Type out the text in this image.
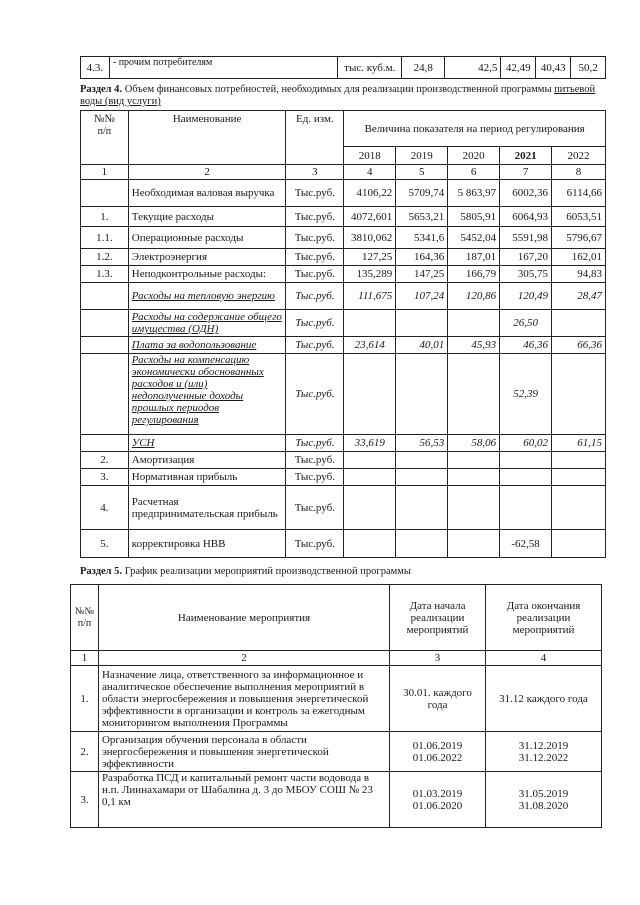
4.3.	- прочим потребителям	тыс. куб.м.	24,8	42,5	42,49	40,43	50,2
Раздел 4. Объем финансовых потребностей, необходимых для реализации производственной программы питьевой
воды (вид услуги)
№№
п/п	Наименование	Ед. изм.	Величина показателя на период регулирования				
			2018	2019	2020	2021	2022
1	2	3	4	5	6	7	8
	Необходимая валовая выручка	Тыс.руб.	4106,22	5709,74	5 863,97	6002,36	6114,66
1.	Текущие расходы	Тыс.руб.	4072,601	5653,21	5805,91	6064,93	6053,51
1.1.	Операционные расходы	Тыс.руб.	3810,062	5341,6	5452,04	5591,98	5796,67
1.2.	Электроэнергия	Тыс.руб.	127,25	164,36	187,01	167,20	162,01
1.3.	Неподконтрольные расходы:	Тыс.руб.	135,289	147,25	166,79	305,75	94,83
	Расходы на тепловую энергию	Тыс.руб.	111,675	107,24	120,86	120,49	28,47
	Расходы на содержание общего имущества (ОДН)	Тыс.руб.				26,50	
	Плата за водопользование	Тыс.руб.	23,614	40,01	45,93	46,36	66,36
	Расходы на компенсацию экономически обоснованных расходов и (или) недополученные доходы прошлых периодов регулирования	Тыс.руб.				52,39	
	УСН	Тыс.руб.	33,619	56,53	58,06	60,02	61,15
2.	Амортизация	Тыс.руб.					
3.	Нормативная прибыль	Тыс.руб.					
4.	Расчетная предпринимательская прибыль	Тыс.руб.					
5.	корректировка НВВ	Тыс.руб.				-62,58	
Раздел 5. График реализации мероприятий производственной программы
№№ п/п	Наименование мероприятия	Дата начала реализации мероприятий	Дата окончания реализации мероприятий
1	2	3	4
1.	Назначение лица, ответственного за информационное и аналитическое обеспечение выполнения мероприятий в области энергосбережения и повышения энергетической эффективности в организации и контроль за ежегодным мониторингом выполнения Программы	30.01. каждого года	31.12 каждого года
2.	Организация обучения персонала в области энергосбережения и повышения энергетической эффективности	01.06.2019 01.06.2022	31.12.2019 31.12.2022
3.	Разработка ПСД и капитальный ремонт части водовода в н.п. Лиинахамари от Шабалина д. 3 до МБОУ СОШ № 23 0,1 км	01.03.2019 01.06.2020	31.05.2019 31.08.2020
